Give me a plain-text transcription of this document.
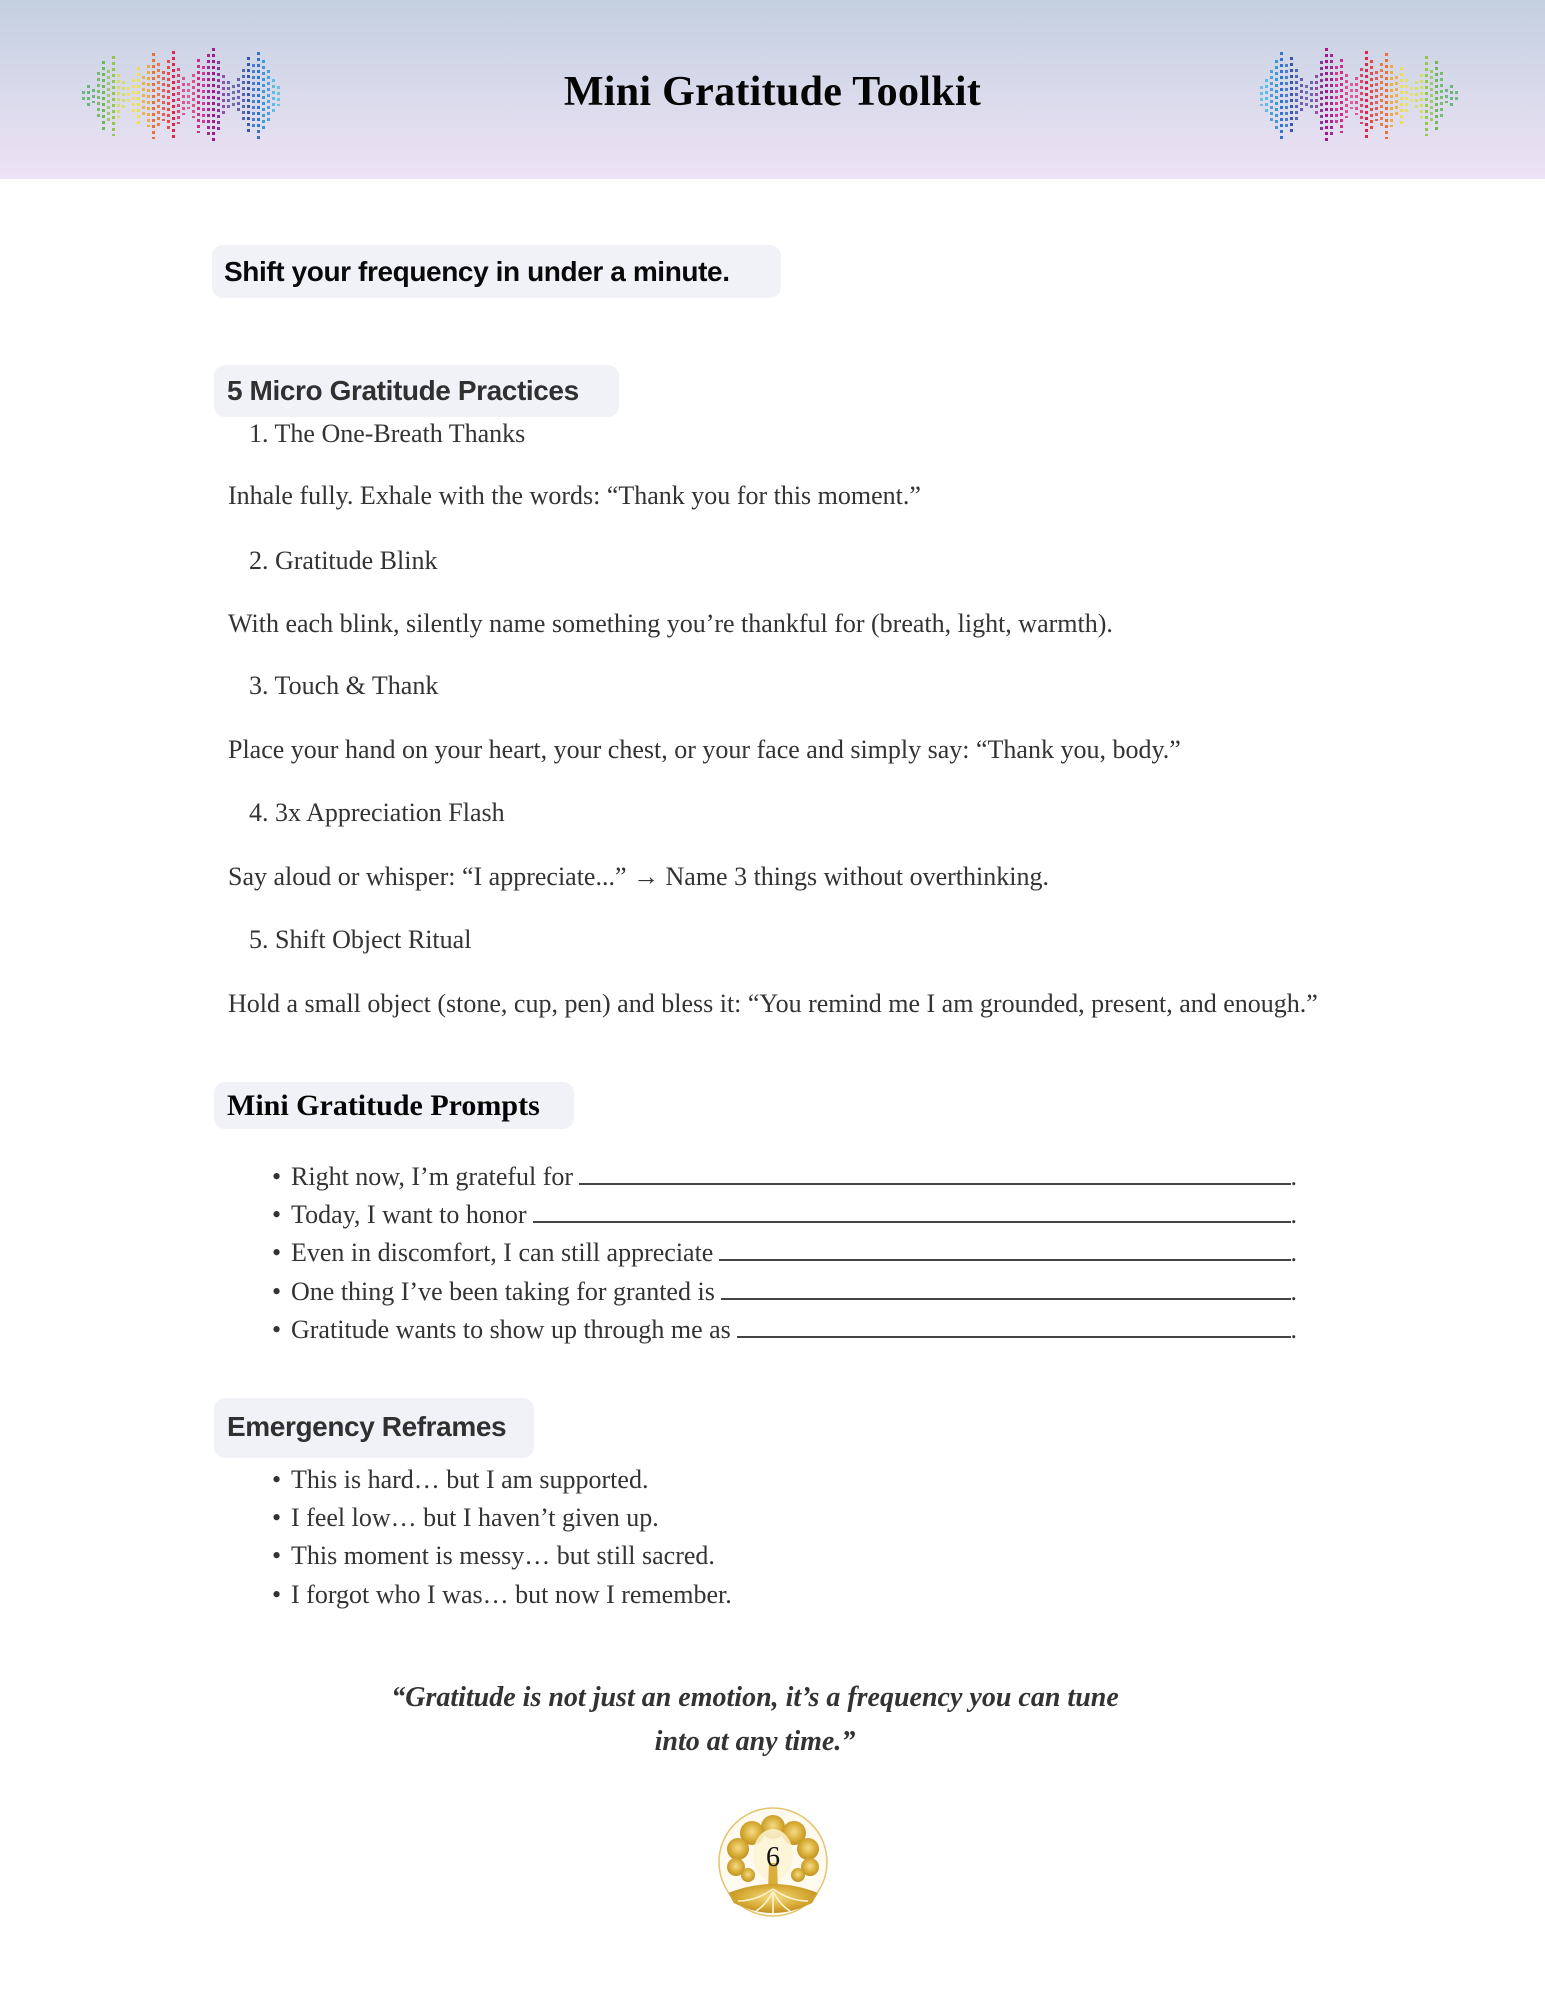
Mini Gratitude Toolkit
Shift your frequency in under a minute.
5 Micro Gratitude Practices
1. The One-Breath Thanks
Inhale fully. Exhale with the words: “Thank you for this moment.”
2. Gratitude Blink
With each blink, silently name something you’re thankful for (breath, light, warmth).
3. Touch & Thank
Place your hand on your heart, your chest, or your face and simply say: “Thank you, body.”
4. 3x Appreciation Flash
Say aloud or whisper: “I appreciate...” → Name 3 things without overthinking.
5. Shift Object Ritual
Hold a small object (stone, cup, pen) and bless it: “You remind me I am grounded, present, and enough.”
Mini Gratitude Prompts
• Right now, I’m grateful for	.
• Today, I want to honor	.
• Even in discomfort, I can still appreciate	.
• One thing I’ve been taking for granted is	.
• Gratitude wants to show up through me as	.
Emergency Reframes
• This is hard… but I am supported.
• I feel low… but I haven’t given up.
• This moment is messy… but still sacred.
• I forgot who I was… but now I remember.
“Gratitude is not just an emotion, it’s a frequency you can tune
into at any time.”
6
